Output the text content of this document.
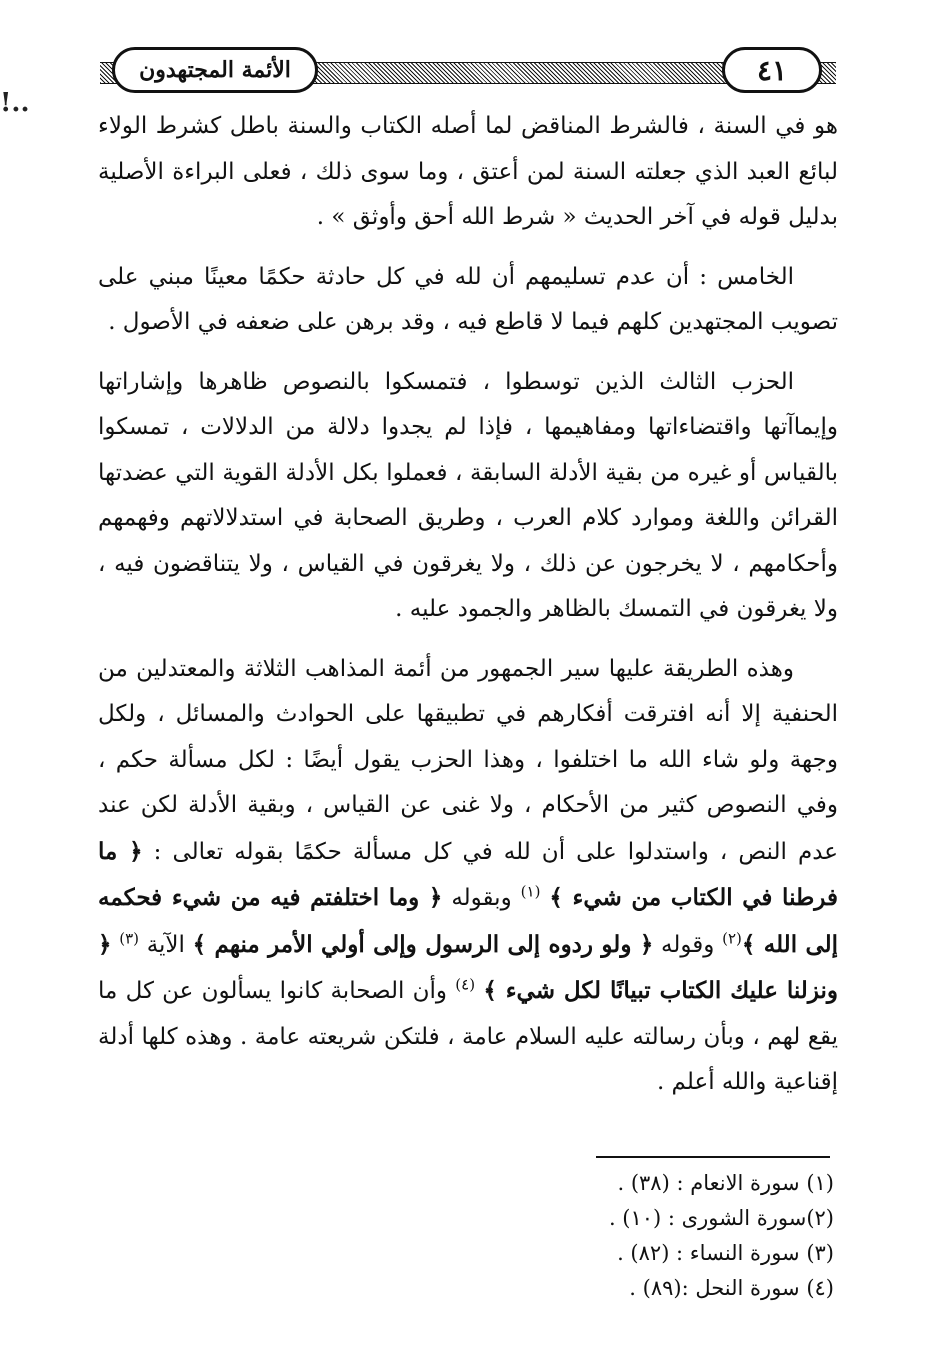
!..
الأئمة المجتهدون	٤١

هو في السنة ، فالشرط المناقض لما أصله الكتاب والسنة باطل كشرط الولاء لبائع العبد الذي جعلته السنة لمن أعتق ، وما سوى ذلك ، فعلى البراءة الأصلية بدليل قوله في آخر الحديث « شرط الله أحق وأوثق » .

الخامس : أن عدم تسليمهم أن لله في كل حادثة حكمًا معينًا مبني على تصويب المجتهدين كلهم فيما لا قاطع فيه ، وقد برهن على ضعفه في الأصول .

الحزب الثالث الذين توسطوا ، فتمسكوا بالنصوص ظاهرها وإشاراتها وإيماآتها واقتضاءاتها ومفاهيمها ، فإذا لم يجدوا دلالة من الدلالات ، تمسكوا بالقياس أو غيره من بقية الأدلة السابقة ، فعملوا بكل الأدلة القوية التي عضدتها القرائن واللغة وموارد كلام العرب ، وطريق الصحابة في استدلالاتهم وفهمهم وأحكامهم ، لا يخرجون عن ذلك ، ولا يغرقون في القياس ، ولا يتناقضون فيه ، ولا يغرقون في التمسك بالظاهر والجمود عليه .

وهذه الطريقة عليها سير الجمهور من أئمة المذاهب الثلاثة والمعتدلين من الحنفية إلا أنه افترقت أفكارهم في تطبيقها على الحوادث والمسائل ، ولكل وجهة ولو شاء الله ما اختلفوا ، وهذا الحزب يقول أيضًا : لكل مسألة حكم ، وفي النصوص كثير من الأحكام ، ولا غنى عن القياس ، وبقية الأدلة لكن عند عدم النص ، واستدلوا على أن لله في كل مسألة حكمًا بقوله تعالى : ﴿ ما فرطنا في الكتاب من شيء ﴾ $^{(١)}$ وبقوله ﴿ وما اختلفتم فيه من شيء فحكمه إلى الله ﴾$^{(٢)}$ وقوله ﴿ ولو ردوه إلى الرسول وإلى أولي الأمر منهم ﴾ الآية $^{(٣)}$ ﴿ ونزلنا عليك الكتاب تبيانًا لكل شيء ﴾ $^{(٤)}$ وأن الصحابة كانوا يسألون عن كل ما يقع لهم ، وبأن رسالته عليه السلام عامة ، فلتكن شريعته عامة . وهذه كلها أدلة إقناعية والله أعلم .

(١) سورة الانعام : (٣٨) .
(٢)سورة الشورى : (١٠) .
(٣) سورة النساء : (٨٢) .
(٤) سورة النحل :(٨٩) .
